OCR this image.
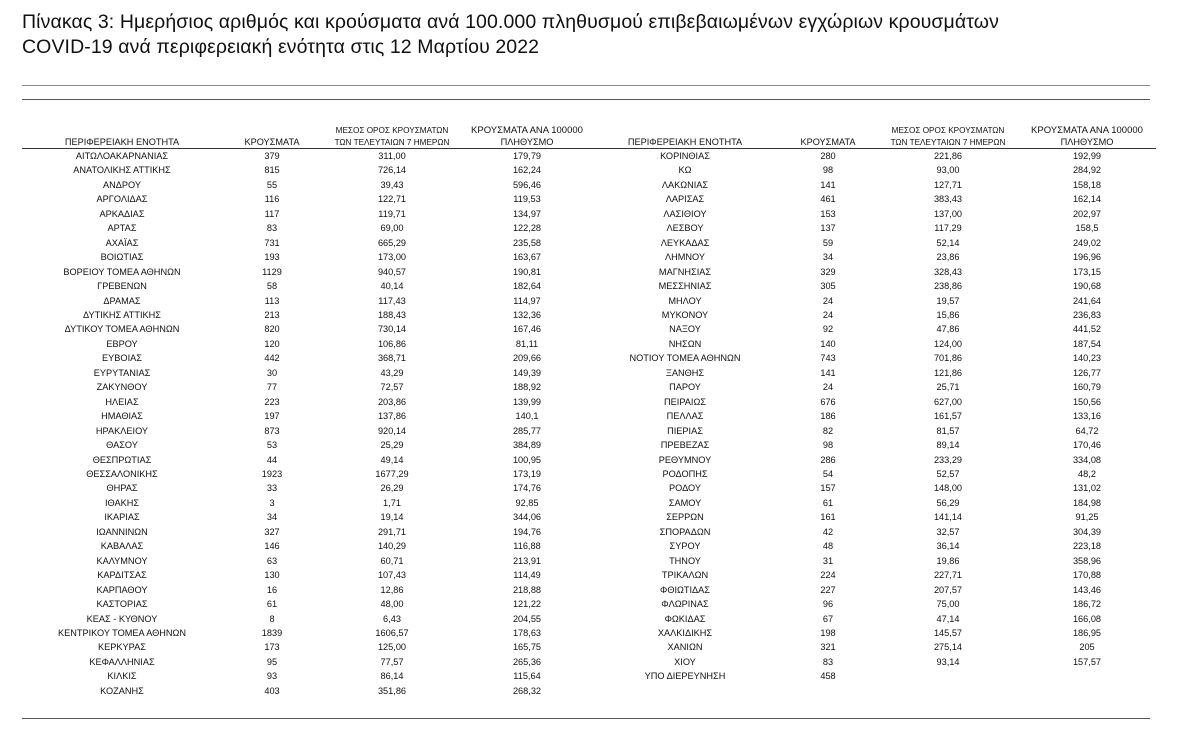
Πίνακας 3: Ημερήσιος αριθμός και κρούσματα ανά 100.000 πληθυσμού επιβεβαιωμένων εγχώριων κρουσμάτων
COVID-19 ανά περιφερειακή ενότητα στις 12 Μαρτίου 2022
		ΜΕΣΟΣ ΟΡΟΣ ΚΡΟΥΣΜΑΤΩΝ	ΚΡΟΥΣΜΑΤΑ ΑΝΑ 100000
ΠΕΡΙΦΕΡΕΙΑΚΗ ΕΝΟΤΗΤΑ	ΚΡΟΥΣΜΑΤΑ	ΤΩΝ ΤΕΛΕΥΤΑΙΩΝ 7 ΗΜΕΡΩΝ	ΠΛΗΘΥΣΜΟ
ΑΙΤΩΛΟΑΚΑΡΝΑΝΙΑΣ	379	311,00	179,79
ΑΝΑΤΟΛΙΚΗΣ ΑΤΤΙΚΗΣ	815	726,14	162,24
ΑΝΔΡΟΥ	55	39,43	596,46
ΑΡΓΟΛΙΔΑΣ	116	122,71	119,53
ΑΡΚΑΔΙΑΣ	117	119,71	134,97
ΑΡΤΑΣ	83	69,00	122,28
ΑΧΑΪΑΣ	731	665,29	235,58
ΒΟΙΩΤΙΑΣ	193	173,00	163,67
ΒΟΡΕΙΟΥ ΤΟΜΕΑ ΑΘΗΝΩΝ	1129	940,57	190,81
ΓΡΕΒΕΝΩΝ	58	40,14	182,64
ΔΡΑΜΑΣ	113	117,43	114,97
ΔΥΤΙΚΗΣ ΑΤΤΙΚΗΣ	213	188,43	132,36
ΔΥΤΙΚΟΥ ΤΟΜΕΑ ΑΘΗΝΩΝ	820	730,14	167,46
ΕΒΡΟΥ	120	106,86	81,11
ΕΥΒΟΙΑΣ	442	368,71	209,66
ΕΥΡΥΤΑΝΙΑΣ	30	43,29	149,39
ΖΑΚΥΝΘΟΥ	77	72,57	188,92
ΗΛΕΙΑΣ	223	203,86	139,99
ΗΜΑΘΙΑΣ	197	137,86	140,1
ΗΡΑΚΛΕΙΟΥ	873	920,14	285,77
ΘΑΣΟΥ	53	25,29	384,89
ΘΕΣΠΡΩΤΙΑΣ	44	49,14	100,95
ΘΕΣΣΑΛΟΝΙΚΗΣ	1923	1677,29	173,19
ΘΗΡΑΣ	33	26,29	174,76
ΙΘΑΚΗΣ	3	1,71	92,85
ΙΚΑΡΙΑΣ	34	19,14	344,06
ΙΩΑΝΝΙΝΩΝ	327	291,71	194,76
ΚΑΒΑΛΑΣ	146	140,29	116,88
ΚΑΛΥΜΝΟΥ	63	60,71	213,91
ΚΑΡΔΙΤΣΑΣ	130	107,43	114,49
ΚΑΡΠΑΘΟΥ	16	12,86	218,88
ΚΑΣΤΟΡΙΑΣ	61	48,00	121,22
ΚΕΑΣ - ΚΥΘΝΟΥ	8	6,43	204,55
ΚΕΝΤΡΙΚΟΥ ΤΟΜΕΑ ΑΘΗΝΩΝ	1839	1606,57	178,63
ΚΕΡΚΥΡΑΣ	173	125,00	165,75
ΚΕΦΑΛΛΗΝΙΑΣ	95	77,57	265,36
ΚΙΛΚΙΣ	93	86,14	115,64
ΚΟΖΑΝΗΣ	403	351,86	268,32
		ΜΕΣΟΣ ΟΡΟΣ ΚΡΟΥΣΜΑΤΩΝ	ΚΡΟΥΣΜΑΤΑ ΑΝΑ 100000
ΠΕΡΙΦΕΡΕΙΑΚΗ ΕΝΟΤΗΤΑ	ΚΡΟΥΣΜΑΤΑ	ΤΩΝ ΤΕΛΕΥΤΑΙΩΝ 7 ΗΜΕΡΩΝ	ΠΛΗΘΥΣΜΟ
ΚΟΡΙΝΘΙΑΣ	280	221,86	192,99
ΚΩ	98	93,00	284,92
ΛΑΚΩΝΙΑΣ	141	127,71	158,18
ΛΑΡΙΣΑΣ	461	383,43	162,14
ΛΑΣΙΘΙΟΥ	153	137,00	202,97
ΛΕΣΒΟΥ	137	117,29	158,5
ΛΕΥΚΑΔΑΣ	59	52,14	249,02
ΛΗΜΝΟΥ	34	23,86	196,96
ΜΑΓΝΗΣΙΑΣ	329	328,43	173,15
ΜΕΣΣΗΝΙΑΣ	305	238,86	190,68
ΜΗΛΟΥ	24	19,57	241,64
ΜΥΚΟΝΟΥ	24	15,86	236,83
ΝΑΞΟΥ	92	47,86	441,52
ΝΗΣΩΝ	140	124,00	187,54
ΝΟΤΙΟΥ ΤΟΜΕΑ ΑΘΗΝΩΝ	743	701,86	140,23
ΞΑΝΘΗΣ	141	121,86	126,77
ΠΑΡΟΥ	24	25,71	160,79
ΠΕΙΡΑΙΩΣ	676	627,00	150,56
ΠΕΛΛΑΣ	186	161,57	133,16
ΠΙΕΡΙΑΣ	82	81,57	64,72
ΠΡΕΒΕΖΑΣ	98	89,14	170,46
ΡΕΘΥΜΝΟΥ	286	233,29	334,08
ΡΟΔΟΠΗΣ	54	52,57	48,2
ΡΟΔΟΥ	157	148,00	131,02
ΣΑΜΟΥ	61	56,29	184,98
ΣΕΡΡΩΝ	161	141,14	91,25
ΣΠΟΡΑΔΩΝ	42	32,57	304,39
ΣΥΡΟΥ	48	36,14	223,18
ΤΗΝΟΥ	31	19,86	358,96
ΤΡΙΚΑΛΩΝ	224	227,71	170,88
ΦΘΙΩΤΙΔΑΣ	227	207,57	143,46
ΦΛΩΡΙΝΑΣ	96	75,00	186,72
ΦΩΚΙΔΑΣ	67	47,14	166,08
ΧΑΛΚΙΔΙΚΗΣ	198	145,57	186,95
ΧΑΝΙΩΝ	321	275,14	205
ΧΙΟΥ	83	93,14	157,57
ΥΠΟ ΔΙΕΡΕΥΝΗΣΗ	458		
